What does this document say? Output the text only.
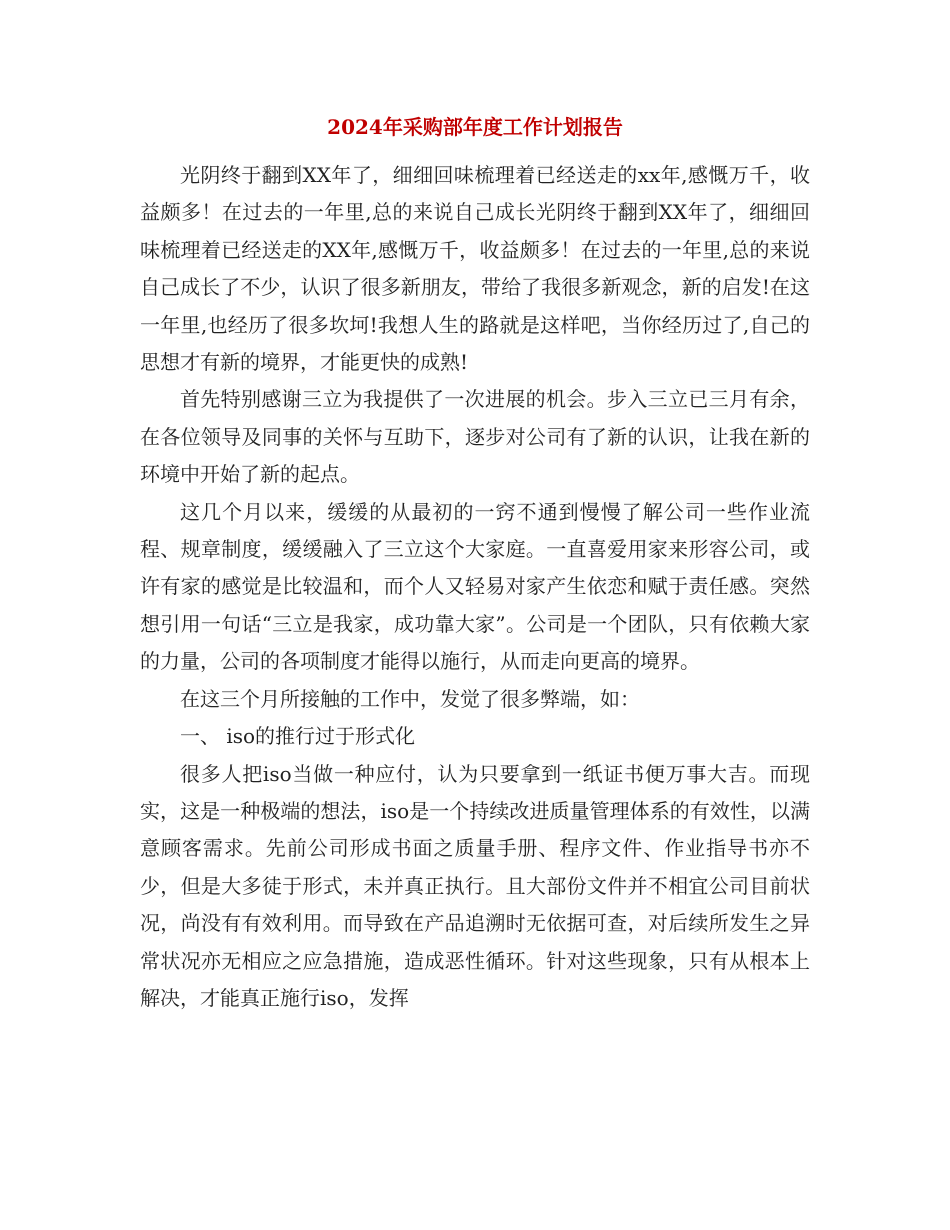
2024年采购部年度工作计划报告

光阴终于翻到XX年了，细细回味梳理着已经送走的xx年,感慨万千，收益颇多！在过去的一年里,总的来说自己成长光阴终于翻到XX年了，细细回味梳理着已经送走的XX年,感慨万千，收益颇多！在过去的一年里,总的来说自己成长了不少，认识了很多新朋友，带给了我很多新观念，新的启发!在这一年里,也经历了很多坎坷!我想人生的路就是这样吧，当你经历过了,自己的思想才有新的境界，才能更快的成熟!

首先特别感谢三立为我提供了一次进展的机会。步入三立已三月有余，在各位领导及同事的关怀与互助下，逐步对公司有了新的认识，让我在新的环境中开始了新的起点。

这几个月以来，缓缓的从最初的一窍不通到慢慢了解公司一些作业流程、规章制度，缓缓融入了三立这个大家庭。一直喜爱用家来形容公司，或许有家的感觉是比较温和，而个人又轻易对家产生依恋和赋于责任感。突然想引用一句话“三立是我家，成功靠大家”。公司是一个团队，只有依赖大家的力量，公司的各项制度才能得以施行，从而走向更高的境界。

在这三个月所接触的工作中，发觉了很多弊端，如：

一、 iso的推行过于形式化

很多人把iso当做一种应付，认为只要拿到一纸证书便万事大吉。而现实，这是一种极端的想法，iso是一个持续改进质量管理体系的有效性，以满意顾客需求。先前公司形成书面之质量手册、程序文件、作业指导书亦不少，但是大多徒于形式，未并真正执行。且大部份文件并不相宜公司目前状况，尚没有有效利用。而导致在产品追溯时无依据可查，对后续所发生之异常状况亦无相应之应急措施，造成恶性循环。针对这些现象，只有从根本上解决，才能真正施行iso，发挥
